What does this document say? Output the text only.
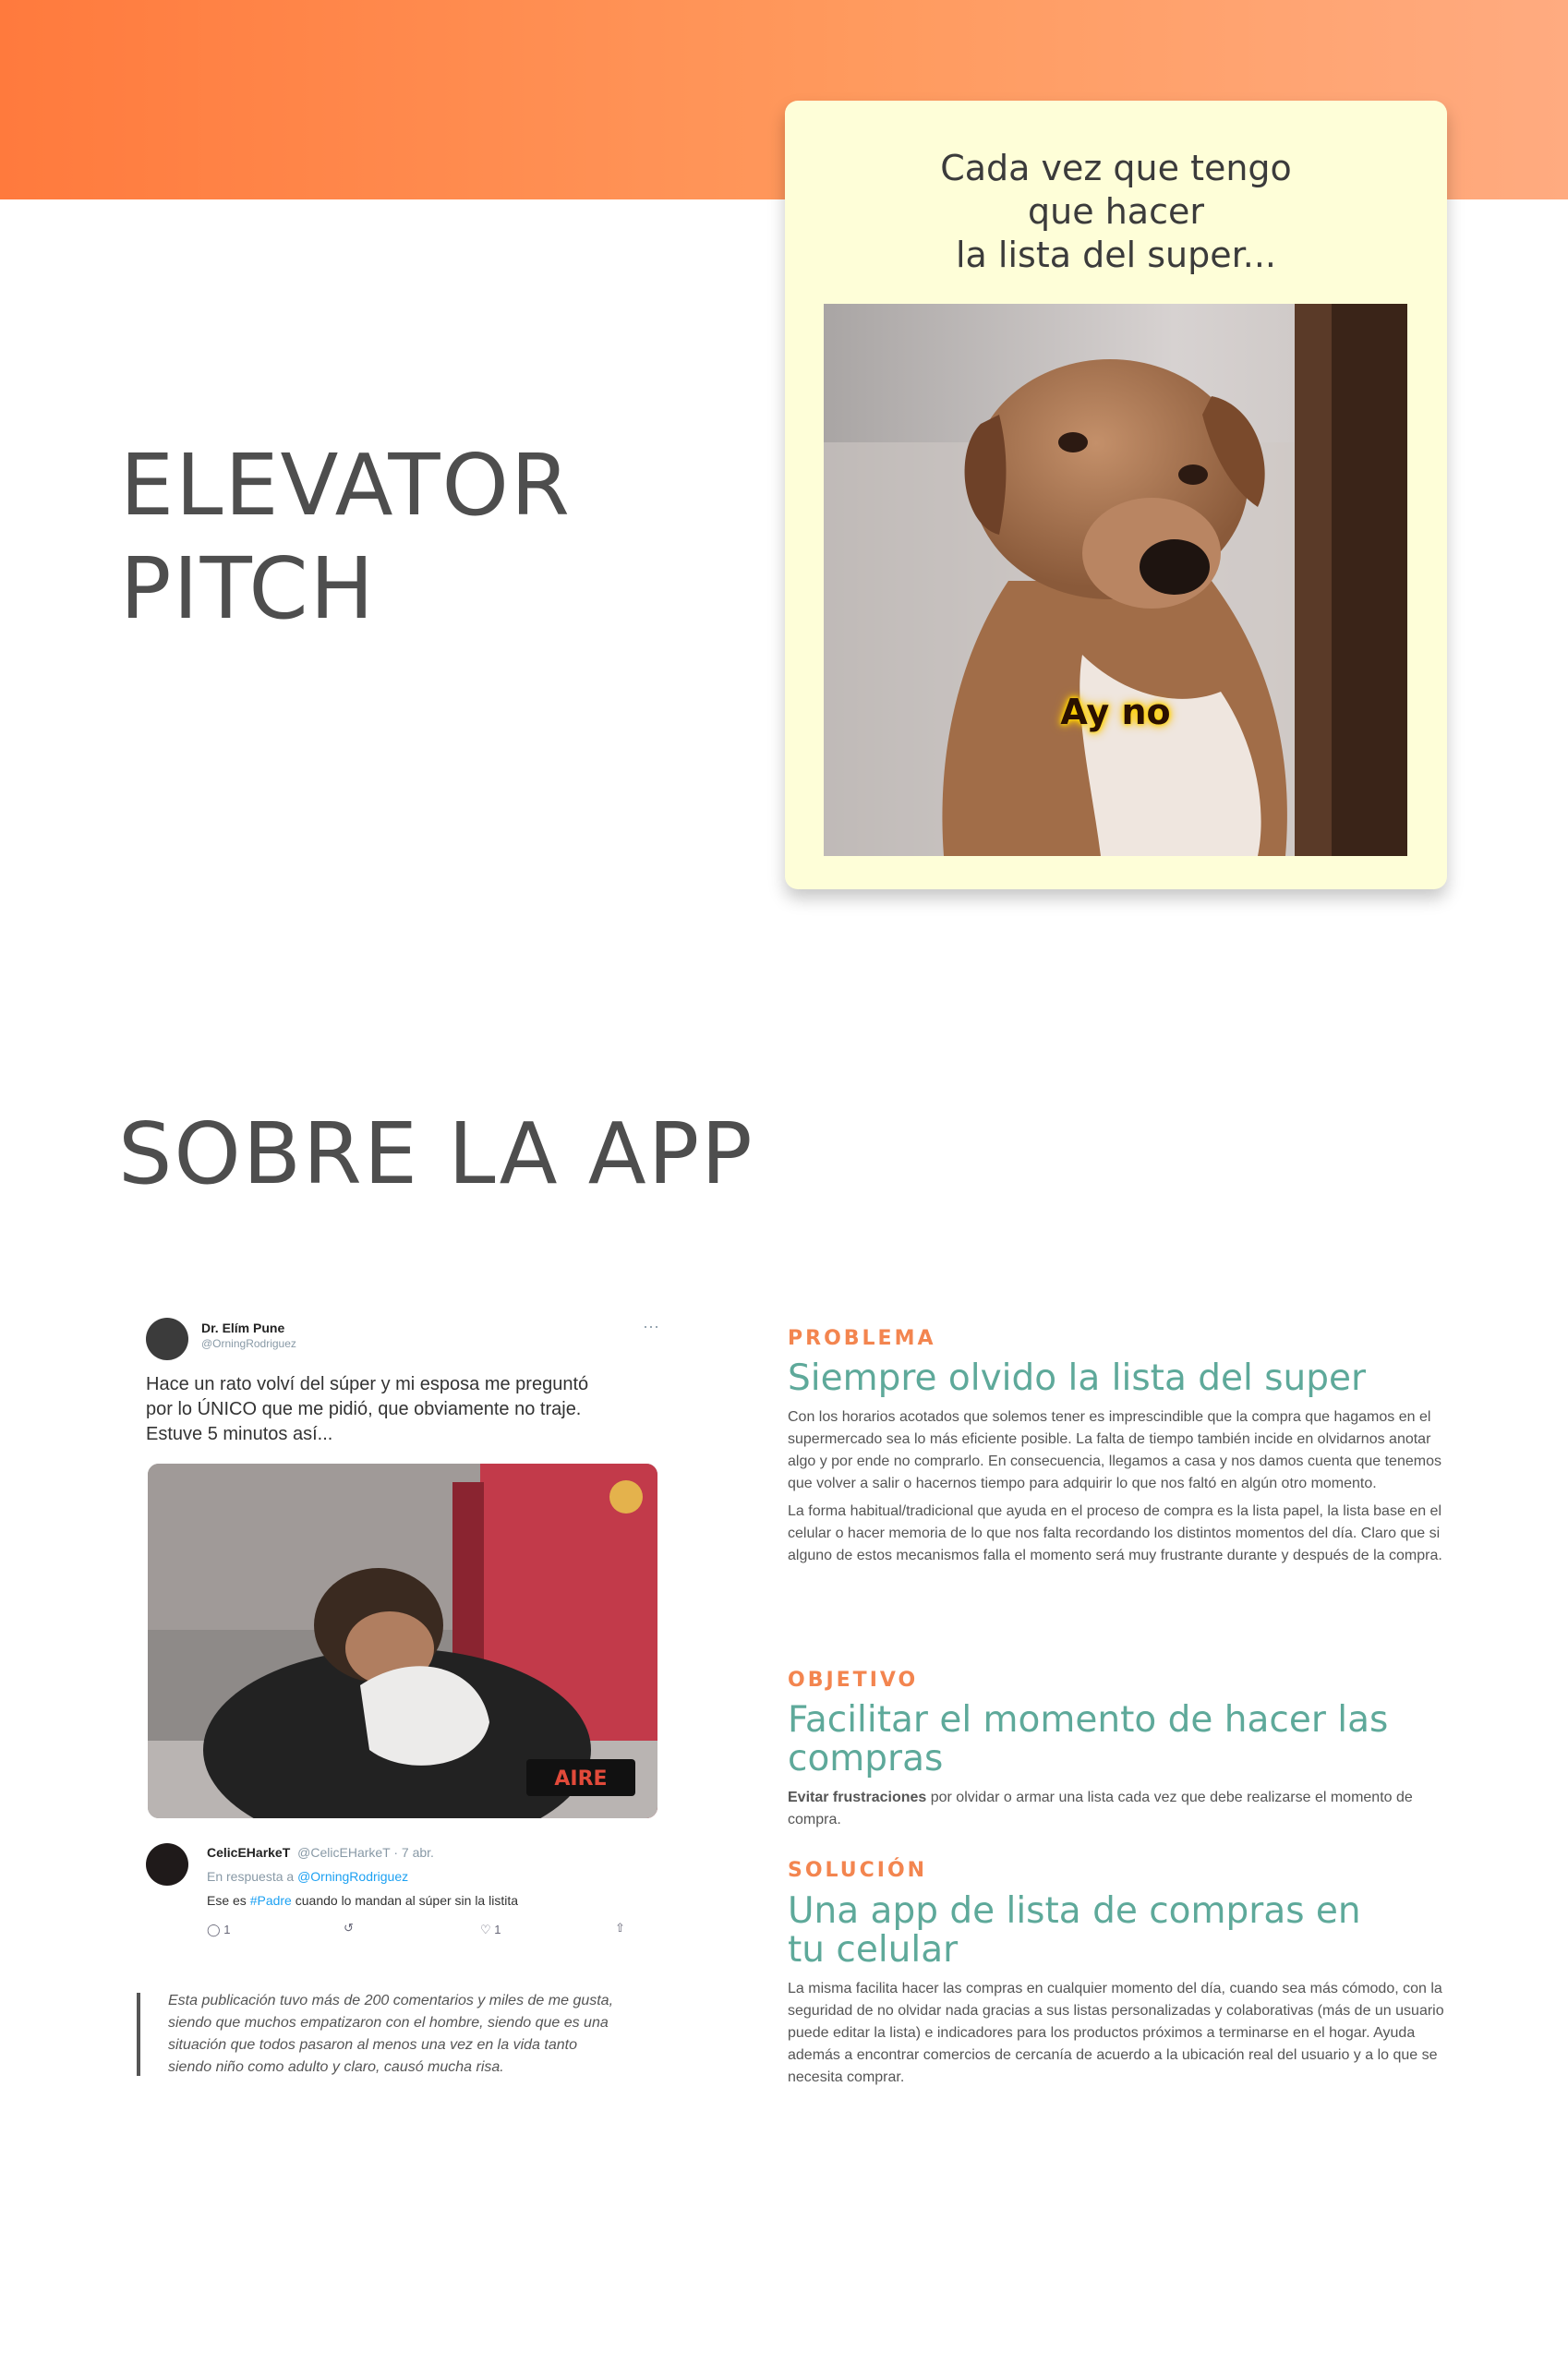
ELEVATOR
PITCH
Cada vez que tengo
que hacer
la lista del super...
Ay no
SOBRE LA APP
Dr. Elím Pune
@OrningRodriguez
···
Hace un rato volví del súper y mi esposa me preguntó
por lo ÚNICO que me pidió, que obviamente no traje.
Estuve 5 minutos así...
AIRE
CelicEHarkeT @CelicEHarkeT · 7 abr.
En respuesta a @OrningRodriguez
Ese es #Padre cuando lo mandan al súper sin la listita
◯ 1	↺	♡ 1	⇧
Esta publicación tuvo más de 200 comentarios y miles de me gusta,
siendo que muchos empatizaron con el hombre, siendo que es una
situación que todos pasaron al menos una vez en la vida tanto
siendo niño como adulto y claro, causó mucha risa.
PROBLEMA
Siempre olvido la lista del super

Con los horarios acotados que solemos tener es imprescindible que la compra que hagamos en el supermercado sea lo más eficiente posible. La falta de tiempo también incide en olvidarnos anotar algo y por ende no comprarlo. En consecuencia, llegamos a casa y nos damos cuenta que tenemos que volver a salir o hacernos tiempo para adquirir lo que nos faltó en algún otro momento.

La forma habitual/tradicional que ayuda en el proceso de compra es la lista papel, la lista base en el celular o hacer memoria de lo que nos falta recordando los distintos momentos del día. Claro que si alguno de estos mecanismos falla el momento será muy frustrante durante y después de la compra.

OBJETIVO
Facilitar el momento de hacer las
compras
Evitar frustraciones por olvidar o armar una lista cada vez que debe realizarse el momento de compra.
SOLUCIÓN
Una app de lista de compras en
tu celular
La misma facilita hacer las compras en cualquier momento del día, cuando sea más cómodo, con la seguridad de no olvidar nada gracias a sus listas personalizadas y colaborativas (más de un usuario puede editar la lista) e indicadores para los productos próximos a terminarse en el hogar. Ayuda además a encontrar comercios de cercanía de acuerdo a la ubicación real del usuario y a lo que se necesita comprar.
